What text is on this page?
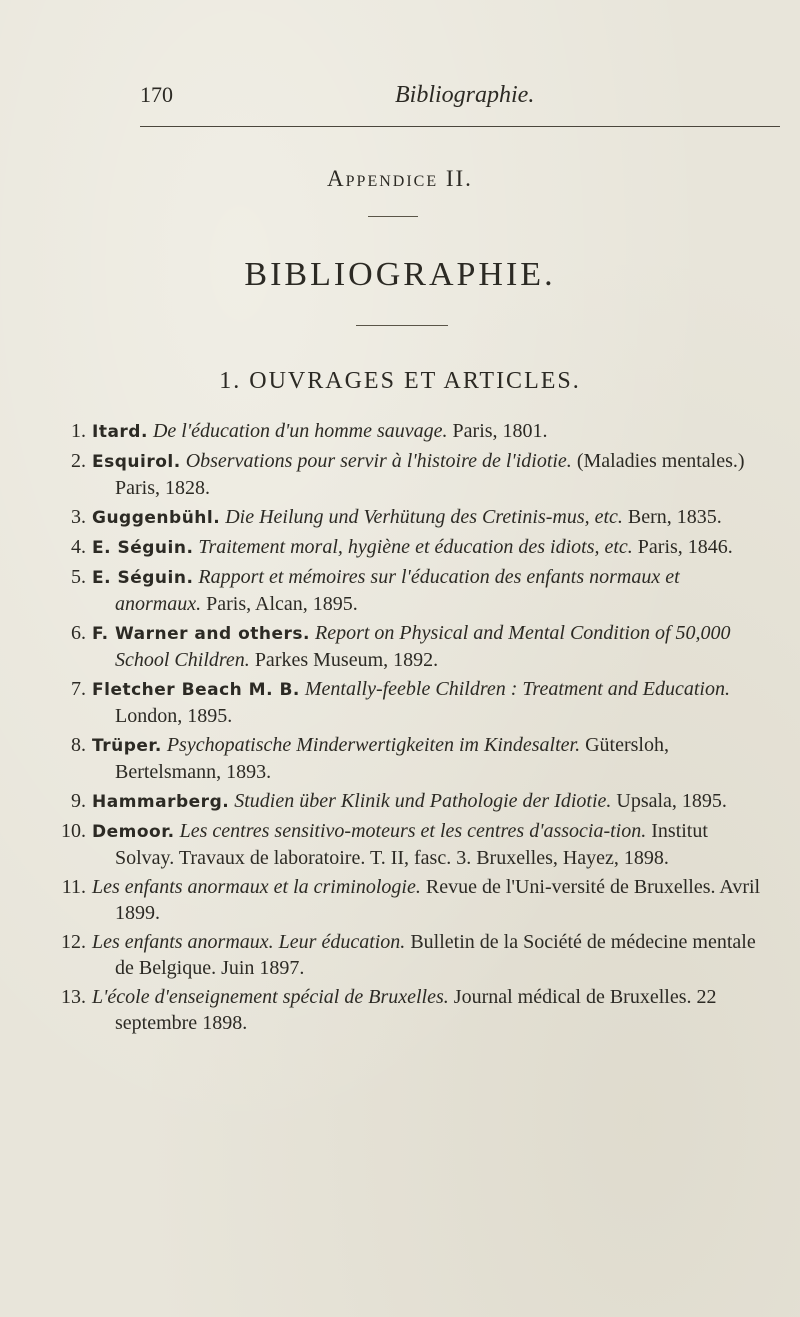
170	Bibliographie.
Appendice II.
BIBLIOGRAPHIE.
1. OUVRAGES ET ARTICLES.
1. Itard. De l'éducation d'un homme sauvage. Paris, 1801.
2. Esquirol. Observations pour servir à l'histoire de l'idiotie. (Maladies mentales.) Paris, 1828.
3. Guggenbühl. Die Heilung und Verhütung des Cretinis-mus, etc. Bern, 1835.
4. E. Séguin. Traitement moral, hygiène et éducation des idiots, etc. Paris, 1846.
5. E. Séguin. Rapport et mémoires sur l'éducation des enfants normaux et anormaux. Paris, Alcan, 1895.
6. F. Warner and others. Report on Physical and Mental Condition of 50,000 School Children. Parkes Museum, 1892.
7. Fletcher Beach M. B. Mentally-feeble Children : Treatment and Education. London, 1895.
8. Trüper. Psychopatische Minderwertigkeiten im Kindesalter. Gütersloh, Bertelsmann, 1893.
9. Hammarberg. Studien über Klinik und Pathologie der Idiotie. Upsala, 1895.
10. Demoor. Les centres sensitivo-moteurs et les centres d'associa-tion. Institut Solvay. Travaux de laboratoire. T. II, fasc. 3. Bruxelles, Hayez, 1898.
11. Les enfants anormaux et la criminologie. Revue de l'Uni-versité de Bruxelles. Avril 1899.
12. Les enfants anormaux. Leur éducation. Bulletin de la Société de médecine mentale de Belgique. Juin 1897.
13. L'école d'enseignement spécial de Bruxelles. Journal médical de Bruxelles. 22 septembre 1898.
